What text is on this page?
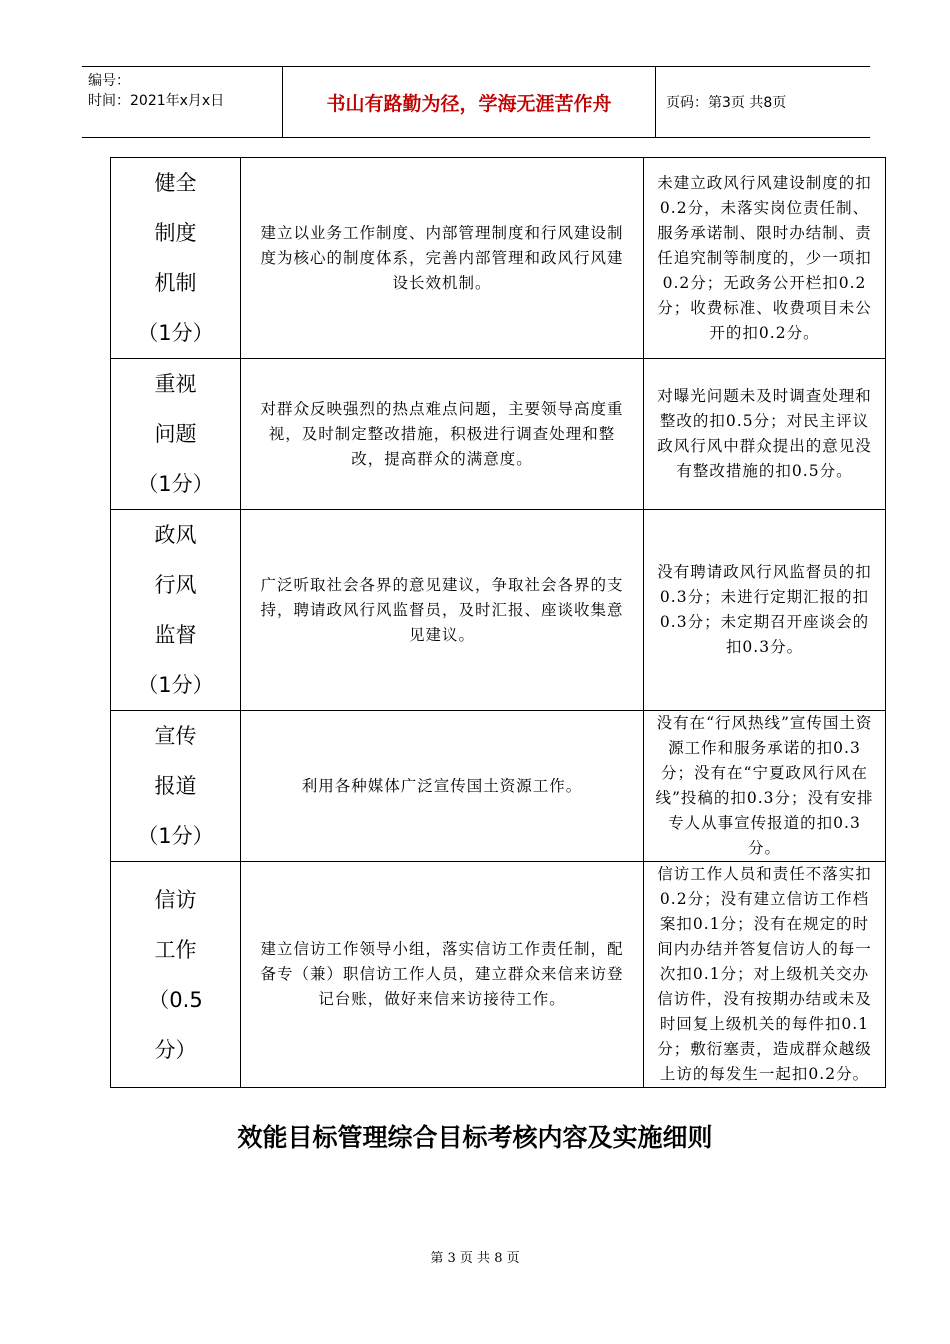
编号：
时间：2021年x月x日	书山有路勤为径，学海无涯苦作舟	页码：第3页 共8页
健全
制度
机制
（1分）	建立以业务工作制度、内部管理制度和行风建设制度为核心的制度体系，完善内部管理和政风行风建设长效机制。	未建立政风行风建设制度的扣0.2分，未落实岗位责任制、服务承诺制、限时办结制、责任追究制等制度的，少一项扣0.2分；无政务公开栏扣0.2分；收费标准、收费项目未公开的扣0.2分。
重视
问题
（1分）	对群众反映强烈的热点难点问题，主要领导高度重视，及时制定整改措施，积极进行调查处理和整改，提高群众的满意度。	对曝光问题未及时调查处理和整改的扣0.5分；对民主评议政风行风中群众提出的意见没有整改措施的扣0.5分。
政风
行风
监督
（1分）	广泛听取社会各界的意见建议，争取社会各界的支持，聘请政风行风监督员，及时汇报、座谈收集意见建议。	没有聘请政风行风监督员的扣0.3分；未进行定期汇报的扣0.3分；未定期召开座谈会的扣0.3分。
宣传
报道
（1分）	利用各种媒体广泛宣传国土资源工作。	没有在“行风热线”宣传国土资源工作和服务承诺的扣0.3分；没有在“宁夏政风行风在线”投稿的扣0.3分；没有安排专人从事宣传报道的扣0.3分。
信访
工作
（0.5
分）	建立信访工作领导小组，落实信访工作责任制，配备专（兼）职信访工作人员，建立群众来信来访登记台账，做好来信来访接待工作。	信访工作人员和责任不落实扣0.2分；没有建立信访工作档案扣0.1分；没有在规定的时间内办结并答复信访人的每一次扣0.1分；对上级机关交办信访件，没有按期办结或未及时回复上级机关的每件扣0.1分；敷衍塞责，造成群众越级上访的每发生一起扣0.2分。
效能目标管理综合目标考核内容及实施细则
第 3 页 共 8 页
